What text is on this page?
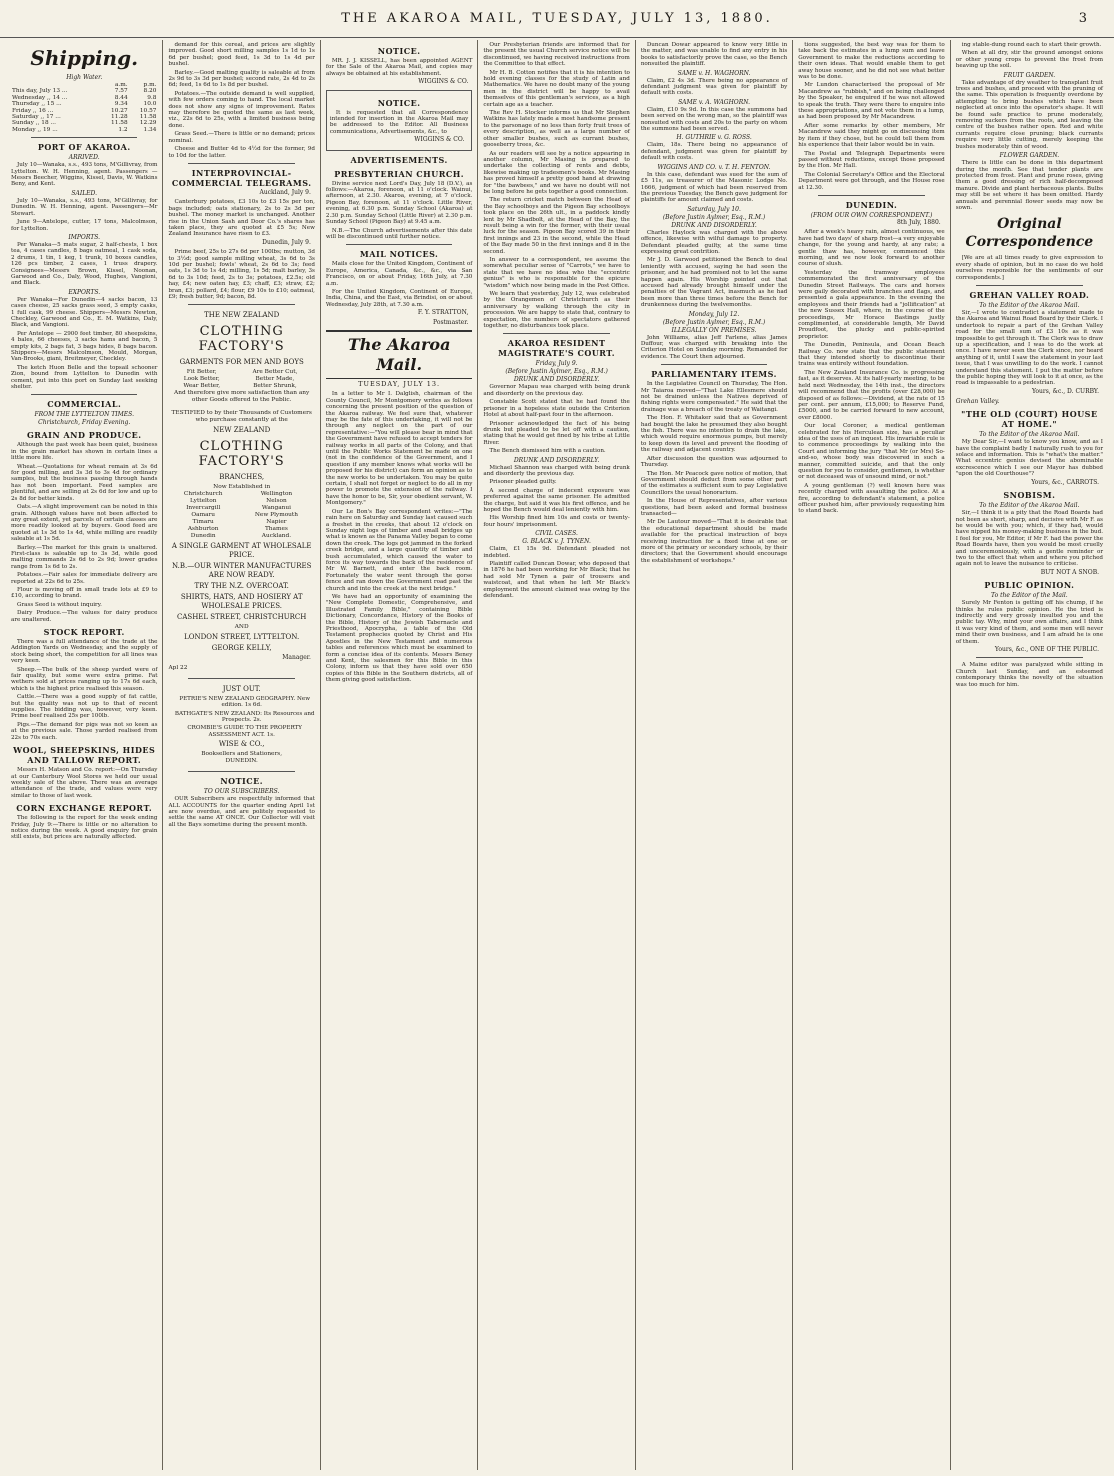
THE AKAROA MAIL, TUESDAY, JULY 13, 1880.	3
Shipping.
High Water.
	a.m.	p.m.
This day, July 13 ...	7.57	8.20
Wednesday ,, 14 ...	8.44	9.8
Thursday ,, 15 ...	9.34	10.0
Friday ,, 16 ...	10.27	10.57
Saturday ,, 17 ...	11.28	11.58
Sunday ,, 18 ...	11.58	12.29
Monday ,, 19 ...	1.2	1.34
PORT OF AKAROA.
ARRIVED.

July 10—Wanaka, s.s., 493 tons, M'Gillivray, from Lyttelton. W. H. Henning, agent. Passengers — Messrs Beecher, Wiggins, Kissel, Davis, W. Watkins Beny, and Kent.

SAILED.

July 10—Wanaka, s.s., 493 tons, M'Gillivray, for Dunedin. W. H. Henning, agent. Passengers—Mr Stewart.

June 9—Antelope, cutter, 17 tons, Malcolmson, for Lyttelton.

IMPORTS.

Per Wanaka—5 mats sugar, 2 half-chests, 1 box tea, 4 cases candles, 8 bags oatmeal, 1 cask soda, 2 drums, 1 tin, 1 keg, 1 trunk, 10 boxes candles, 126 pcs timber, 2 cases, 1 truss drapery. Consignees—Messrs Brown, Kissel, Noonan, Garwood and Co., Daly, Wood, Hughes, Vangioni, and Black.

EXPORTS.

Per Wanaka—For Dunedin—4 sacks bacon, 13 cases cheese, 25 sacks grass seed, 3 empty casks, 1 full cask, 99 cheese. Shippers—Messrs Newton, Checkley, Garwood and Co., E. M. Watkins, Daly, Black, and Vangioni.

Per Antelope — 2900 feet timber, 80 sheepskins, 4 bales, 66 cheeses, 3 sacks hams and bacon, 5 empty kits, 2 bags fat, 3 bags hides, 8 bags bacon. Shippers—Messrs Malcolmson, Mould, Morgan, Van-Brooks, giani, Breitmeyer, Checkley.

The ketch Huon Belle and the topsail schooner Zion, bound from Lyttelton to Dunedin with cement, put into this port on Sunday last seeking shelter.

COMMERCIAL.
FROM THE LYTTELTON TIMES.
Christchurch, Friday Evening.
GRAIN AND PRODUCE.

Although the past week has been quiet, business in the grain market has shown in certain lines a little more life.

Wheat.—Quotations for wheat remain at 3s 6d for good milling, and 3s 3d to 3s 4d for ordinary samples, but the business passing through hands has not been important. Feed samples are plentiful, and are selling at 2s 6d for low and up to 2s 8d for better kinds.

Oats.—A slight improvement can be noted in this grain. Although values have not been affected to any great extent, yet parcels of certain classes are more readily looked at by buyers. Good feed are quoted at 1s 3d to 1s 4d, while milling are readily saleable at 1s 5d.

Barley.—The market for this grain is unaltered. First-class is saleable up to 3s 3d, while good malting commands 2s 6d to 2s 9d; lower grades range from 1s 6d to 2s.

Potatoes.—Fair sales for immediate delivery are reported at 22s 6d to 25s.

Flour is moving off in small trade lots at £9 to £10, according to brand.

Grass Seed is without inquiry.

Dairy Produce.—The values for dairy produce are unaltered.

STOCK REPORT.

There was a full attendance of the trade at the Addington Yards on Wednesday, and the supply of stock being short, the competition for all lines was very keen.

Sheep.—The bulk of the sheep yarded were of fair quality, but some were extra prime. Fat wethers sold at prices ranging up to 17s 6d each, which is the highest price realised this season.

Cattle.—There was a good supply of fat cattle, but the quality was not up to that of recent supplies. The bidding was, however, very keen. Prime beef realised 25s per 100lb.

Pigs.—The demand for pigs was not so keen as at the previous sale. Those yarded realised from 22s to 70s each.

WOOL, SHEEPSKINS, HIDES AND TALLOW REPORT.

Messrs H. Matson and Co. report:—On Thursday at our Canterbury Wool Stores we held our usual weekly sale of the above. There was an average attendance of the trade, and values were very similar to those of last week.

CORN EXCHANGE REPORT.

The following is the report for the week ending Friday, July 9:—There is little or no alteration to notice during the week. A good enquiry for grain still exists, but prices are naturally affected.

demand for this cereal, and prices are slightly improved. Good short milling samples 1s 1d to 1s 6d per bushel; good feed, 1s 3d to 1s 4d per bushel.

Barley.—Good malting quality is saleable at from 2s 9d to 3s 3d per bushel; second rate, 2s 4d to 2s 6d; feed, 1s 6d to 1s 8d per bushel.

Potatoes.—The outside demand is well supplied, with few orders coming to hand. The local market does not show any signs of improvement. Rates may therefore be quoted the same as last week, viz., 22s 6d to 25s, with a limited business being done.

Grass Seed.—There is little or no demand; prices nominal.

Cheese and Butter 4d to 4½d for the former, 9d to 10d for the latter.

INTERPROVINCIAL-COMMERCIAL TELEGRAMS.
Auckland, July 9.

Canterbury potatoes, £3 10s to £3 15s per ton, bags included; oats stationary, 2s to 2s 3d per bushel. The money market is unchanged. Another rise in the Union Sash and Door Co.'s shares has taken place, they are quoted at £5 5s; New Zealand Insurance have risen to £3.

Dunedin, July 9.

Prime beef, 25s to 27s 6d per 100lbs; mutton, 3d to 3½d; good sample milling wheat, 3s 6d to 3s 10d per bushel; fowls' wheat, 2s 6d to 3s; feed oats, 1s 3d to 1s 4d; milling, 1s 5d; malt barley, 3s 6d to 3s 10d; feed, 2s to 3s; potatoes, £2.5s; old hay, £4; new oaten hay, £3; chaff, £3; straw, £2; bran, £3; pollard, £4; flour, £9 10s to £10; oatmeal, £9; fresh butter, 9d; bacon, 8d.

THE NEW ZEALAND
CLOTHING FACTORY'S
GARMENTS FOR MEN AND BOYS
Fit Better,	Are Better Cut,
Look Better,	Better Made,
Wear Better,	Better Shrunk,
And therefore give more satisfaction than any other Goods offered to the Public.
TESTIFIED to by their Thousands of Customers who purchase constantly at the
NEW ZEALAND
CLOTHING FACTORY'S
BRANCHES,
Now Established in
Christchurch	Wellington
Lyttelton	Nelson
Invercargill	Wanganui
Oamaru	New Plymouth
Timaru	Napier
Ashburton	Thames
Dunedin	Auckland.
A SINGLE GARMENT AT WHOLESALE PRICE.
N.B.—OUR WINTER MANUFACTURES ARE NOW READY.
TRY THE N.Z. OVERCOAT.
SHIRTS, HATS, AND HOSIERY AT WHOLESALE PRICES.
CASHEL STREET, CHRISTCHURCH
AND
LONDON STREET, LYTTELTON.
GEORGE KELLY,
Manager.
Apl 22
JUST OUT.

PETRIE'S NEW ZEALAND GEOGRAPHY. New edition. 1s 6d.

BATHGATE'S NEW ZEALAND: Its Resources and Prospects. 2s.

CROMBIE'S GUIDE TO THE PROPERTY ASSESSMENT ACT. 1s.

WISE & CO.,
Booksellers and Stationers,
DUNEDIN.
NOTICE.
TO OUR SUBSCRIBERS.

OUR Subscribers are respectfully informed that ALL ACCOUNTS for the quarter ending April 1st are now overdue, and are politely requested to settle the same AT ONCE. Our Collector will visit all the Bays sometime during the present month.

NOTICE.

MR. J. J. KISSELL, has been appointed AGENT for the Sale of the Akaroa Mail, and copies may always be obtained at his establishment.

WIGGINS & CO.
NOTICE.

It is requested that all Correspondence intended for insertion in the Akaroa Mail may be addressed to the Editor. All Business communications, Advertisements, &c., to

WIGGINS & CO.
ADVERTISEMENTS.
PRESBYTERIAN CHURCH.

Divine service next Lord's Day, July 18 (D.V.), as follows:—Akaroa, forenoon, at 11 o'clock. Wainui, afternoon, at 2.30. Akaroa, evening, at 7 o'clock. Pigeon Bay, forenoon, at 11 o'clock. Little River, evening, at 6.30 p.m. Sunday School (Akaroa) at 2.30 p.m. Sunday School (Little River) at 2.30 p.m. Sunday School (Pigeon Bay) at 9.45 a.m.

N.B.—The Church advertisements after this date will be discontinued until further notice.

MAIL NOTICES.

Mails close for the United Kingdom, Continent of Europe, America, Canada, &c., &c., via San Francisco, on or about Friday, 16th July, at 7.30 a.m.

For the United Kingdom, Continent of Europe, India, China, and the East, via Brindisi, on or about Wednesday, July 28th, at 7.30 a.m.

F. Y. STRATTON,
Postmaster.
The Akaroa Mail.
TUESDAY, JULY 13.

In a letter to Mr I. Dalglish, chairman of the County Council, Mr Montgomery writes as follows concerning the present position of the question of the Akaroa railway. We feel sure that, whatever may be the fate of this undertaking, it will not be through any neglect on the part of our representative:—"You will please bear in mind that the Government have refused to accept tenders for railway works in all parts of the Colony, and that until the Public Works Statement be made on one (not in the confidence of the Government, and I question if any member knows what works will be proposed for his district) can form an opinion as to the new works to be undertaken. You may be quite certain, I shall not forget or neglect to do all in my power to promote the extension of the railway. I have the honor to be, Sir, your obedient servant, W. Montgomery."

Our Le Bon's Bay correspondent writes:—"The rain here on Saturday and Sunday last caused such a freshet in the creeks, that about 12 o'clock on Sunday night logs of timber and small bridges up what is known as the Panama Valley began to come down the creek. The logs got jammed in the forked creek bridge, and a large quantity of timber and bush accumulated, which caused the water to force its way towards the back of the residence of Mr W. Barnett, and enter the back room. Fortunately the water went through the gorse fence and ran down the Government road past the church and into the creek at the next bridge."

We have had an opportunity of examining the "New Complete Domestic, Comprehensive, and Illustrated Family Bible," containing Bible Dictionary, Concordance, History of the Books of the Bible, History of the Jewish Tabernacle and Priesthood, Apocrypha, a table of the Old Testament prophecies quoted by Christ and His Apostles in the New Testament and numerous tables and references which must be examined to form a concise idea of its contents. Messrs Beney and Kent, the salesmen for this Bible in this Colony, inform us that they have sold over 650 copies of this Bible in the Southern districts, all of them giving good satisfaction.

Our Presbyterian friends are informed that for the present the usual Church service notice will be discontinued, we having received instructions from the Committee to that effect.

Mr H. B. Cotton notifies that it is his intention to hold evening classes for the study of Latin and Mathematics. We have no doubt many of the young men in the district will be happy to avail themselves of this gentleman's services, as a high certain age as a teacher.

The Rev H. Stocker informs us that Mr Stephen Watkins has lately made a most handsome present to the parsonage of no less than forty fruit trees of every description, as well as a large number of other smaller bushes, such as currant bushes, gooseberry trees, &c.

As our readers will see by a notice appearing in another column, Mr Masing is prepared to undertake the collecting of rents and debts, likewise making up tradesmen's books. Mr Masing has proved himself a pretty good hand at drawing for "the bawbees," and we have no doubt will not be long before he gets together a good connection.

The return cricket match between the Head of the Bay schoolboys and the Pigeon Bay schoolboys took place on the 26th ult., in a paddock kindly lent by Mr Shadbolt, at the Head of the Bay, the result being a win for the former, with their usual luck for the season. Pigeon Bay scored 39 in their first innings and 23 in the second, while the Head of the Bay made 50 in the first innings and 8 in the second.

In answer to a correspondent, we assume the somewhat peculiar sense of "Carrots," we have to state that we have no idea who the "eccentric genius" is who is responsible for the epicure "wisdom" which now being made in the Post Office.

We learn that yesterday, July 12, was celebrated by the Orangemen of Christchurch as their anniversary by walking through the city in procession. We are happy to state that, contrary to expectation, the numbers of spectators gathered together, no disturbances took place.

AKAROA RESIDENT MAGISTRATE'S COURT.
Friday, July 9.
(Before Justin Aylmer, Esq., R.M.)
DRUNK AND DISORDERLY.

Governor Mapau was charged with being drunk and disorderly on the previous day.

Constable Scott stated that he had found the prisoner in a hopeless state outside the Criterion Hotel at about half-past four in the afternoon.

Prisoner acknowledged the fact of his being drunk but pleaded to be let off with a caution, stating that he would get fined by his tribe at Little River.

The Bench dismissed him with a caution.

DRUNK AND DISORDERLY.

Michael Shannon was charged with being drunk and disorderly the previous day.

Prisoner pleaded guilty.

A second charge of indecent exposure was preferred against the same prisoner. He admitted the charge, but said it was his first offence, and he hoped the Bench would deal leniently with him.

His Worship fined him 10s and costs or twenty-four hours' imprisonment.

CIVIL CASES.
G. BLACK v. J. TYNEN.

Claim, £1 15s 9d. Defendant pleaded not indebted.

Plaintiff called Duncan Dowar, who deposed that in 1876 he had been working for Mr Black; that he had sold Mr Tynen a pair of trousers and waistcoat, and that when he left Mr Black's employment the amount claimed was owing by the defendant.

Duncan Dowar appeared to know very little in the matter, and was unable to find any entry in his books to satisfactorily prove the case, so the Bench nonsuited the plaintiff.

SAME v. H. WAGHORN.

Claim, £2 4s 3d. There being no appearance of defendant judgment was given for plaintiff by default with costs.

SAME v. A. WAGHORN.

Claim, £10 9s 9d. In this case the summons had been served on the wrong man, so the plaintiff was nonsuited with costs and 20s to the party on whom the summons had been served.

H. GUTHRIE v. G. ROSS.

Claim, 18s. There being no appearance of defendant, judgment was given for plaintiff by default with costs.

WIGGINS AND CO. v. T. H. FENTON.

In this case, defendant was sued for the sum of £5 11s, as treasurer of the Masonic Lodge No. 1666, judgment of which had been reserved from the previous Tuesday, the Bench gave judgment for plaintiffs for amount claimed and costs.

Saturday, July 10.
(Before Justin Aylmer, Esq., R.M.)
DRUNK AND DISORDERLY.

Charles Haylock was charged with the above offence, likewise with wilful damage to property. Defendant pleaded guilty, at the same time expressing great contrition.

Mr J. D. Garwood petitioned the Bench to deal leniently with accused, saying he had seen the prisoner, and he had promised not to let the same happen again. His Worship pointed out that accused had already brought himself under the penalties of the Vagrant Act, inasmuch as he had been more than three times before the Bench for drunkenness during the twelvemonths.

Monday, July 12.
(Before Justin Aylmer, Esq., R.M.)
ILLEGALLY ON PREMISES.

John Williams, alias Jeff Farlene, alias James Duffour, was charged with breaking into the Criterion Hotel on Sunday morning. Remanded for evidence. The Court then adjourned.

PARLIAMENTARY ITEMS.

In the Legislative Council on Thursday, The Hon. Mr Taiaroa moved—"That Lake Ellesmere should not be drained unless the Natives deprived of fishing rights were compensated." He said that the drainage was a breach of the treaty of Waitangi.

The Hon. F. Whitaker said that as Government had bought the lake he presumed they also bought the fish. There was no intention to drain the lake, which would require enormous pumps, but merely to keep down its level and prevent the flooding of the railway and adjacent country.

After discussion the question was adjourned to Thursday.

The Hon. Mr Peacock gave notice of motion, that Government should deduct from some other part of the estimates a sufficient sum to pay Legislative Councillors the usual honorarium.

In the House of Representatives, after various questions, had been asked and formal business transacted—

Mr De Lautour moved—"That it is desirable that the educational department should be made available for the practical instruction of boys receiving instruction for a fixed time at one or more of the primary or secondary schools, by their directors; that the Government should encourage the establishment of workshops."

tions suggested, the best way was for them to take back the estimates in a lump sum and leave Government to make the reductions according to their own ideas. That would enable them to get away house sooner, and he did not see what better was to be done.

Mr Lundon characterised the proposal of Mr Macandrew as "rubbish," and on being challenged by the Speaker, he enquired if he was not allowed to speak the truth. They were there to enquire into these appropriations, and not vote them in a lump, as had been proposed by Mr Macandrew.

After some remarks by other members, Mr Macandrew said they might go on discussing item by item if they chose, but he could tell them from his experience that their labor would be in vain.

The Postal and Telegraph Departments were passed without reductions, except those proposed by the Hon. Mr Hall.

The Colonial Secretary's Office and the Electoral Department were got through, and the House rose at 12.30.

DUNEDIN.
(FROM OUR OWN CORRESPONDENT.)
8th July, 1880.

After a week's heavy rain, almost continuous, we have had two days' of sharp frost—a very enjoyable change, for the young and hardy, at any rate; a gentle thaw has, however, commenced this morning, and we now look forward to another course of slush.

Yesterday the tramway employees commemorated the first anniversary of the Dunedin Street Railways. The cars and horses were gaily decorated with branches and flags, and presented a gala appearance. In the evening the employees and their friends had a "jollification" at the new Sussex Hall, where, in the course of the proceedings, Mr Horace Bastings justly complimented, at considerable length, Mr David Proudfoot, the plucky and public-spirited proprietor.

The Dunedin, Peninsula, and Ocean Beach Railway Co. now state that the public statement that they intended shortly to discontinue their trains was entirely without foundation.

The New Zealand Insurance Co. is progressing fast, as it deserves. At its half-yearly meeting, to be held next Wednesday, the 14th inst., the directors will recommend that the profits (over £28,000) be disposed of as follows:—Dividend, at the rate of 15 per cent. per annum, £15,000; to Reserve Fund, £5000, and to be carried forward to new account, over £8000.

Our local Coroner, a medical gentleman celebrated for his Herculean size, has a peculiar idea of the uses of an inquest. His invariable rule is to commence proceedings by walking into the Court and informing the jury "that Mr (or Mrs) So-and-so, whose body was discovered in such a manner, committed suicide, and that the only question for you to consider, gentlemen, is whether or not deceased was of unsound mind, or not."

A young gentleman (?) well known here was recently charged with assaulting the police. At a fire, according to defendant's statement, a police officer pushed him, after previously requesting him to stand back.

ing stable-dung round each to start their growth.

When at all dry, stir the ground amongst onions or other young crops to prevent the frost from heaving up the soil.

FRUIT GARDEN.

Take advantage of dry weather to transplant fruit trees and bushes, and proceed with the pruning of the same. This operation is frequently overdone by attempting to bring bushes which have been neglected at once into the operator's shape. It will be found safe practice to prune moderately, removing suckers from the roots, and leaving the centre of the bushes rather open. Red and white currants require close pruning; black currants require very little cutting, merely keeping the bushes moderately thin of wood.

FLOWER GARDEN.

There is little can be done in this department during the month. See that tender plants are protected from frost. Plant and prune roses, giving them a good dressing of rich half-decomposed manure. Divide and plant herbaceous plants. Bulbs may still be set where it has been omitted. Hardy annuals and perennial flower seeds may now be sown.

Original Correspondence

[We are at all times ready to give expression to every shade of opinion, but in no case do we hold ourselves responsible for the sentiments of our correspondents.]

GREHAN VALLEY ROAD.
To the Editor of the Akaroa Mail.

Sir,—I wrote to contradict a statement made to the Akaroa and Wainui Road Board by their Clerk. I undertook to repair a part of the Grehan Valley road for the small sum of £3 10s as it was impossible to get through it. The Clerk was to draw up a specification, and I was to do the work at once. I have never seen the Clerk since, nor heard anything of it, until I saw the statement in your last issue, that I was unwilling to do the work. I cannot understand this statement. I put the matter before the public hoping they will look to it at once, as the road is impassable to a pedestrian.

Yours, &c., D. CURBY.
Grehan Valley.
"THE OLD (COURT) HOUSE AT HOME."
To the Editor of the Akaroa Mail.

My Dear Sir,—I want to know you know, and as I have the complaint badly I naturally rush to you for solace and information. This is "what's the matter." What eccentric genius devised the abominable excrescence which I see our Mayor has dubbed "upon the old Courthouse"?

Yours, &c., CARROTS.
SNOBISM.
To the Editor of the Akaroa Mail.

Sir,—I think it is a pity that the Road Boards had not been as short, sharp, and decisive with Mr F. as he would be with you; which, if they had, would have nipped his money-making business in the bud. I feel for you, Mr Editor, if Mr F. had the power the Road Boards have, then you would be most cruelly and unceremoniously, with a gentle reminder or two to the effect that when and where you pitched again not to leave the nuisance to criticise.

BUT NOT A SNOB.
PUBLIC OPINION.
To the Editor of the Mail.

Surely Mr Fenton is getting off his chump, if he thinks he rules public opinion. He the tried is indirectly and very grossly insulted you and the public tay. Why, mind your own affairs, and I think it was very kind of them, and some men will never mind their own business, and I am afraid he is one of them.

Yours, &c., ONE OF THE PUBLIC.

A Maine editor was paralyzed while sitting in Church last Sunday, and an esteemed contemporary thinks the novelty of the situation was too much for him.
